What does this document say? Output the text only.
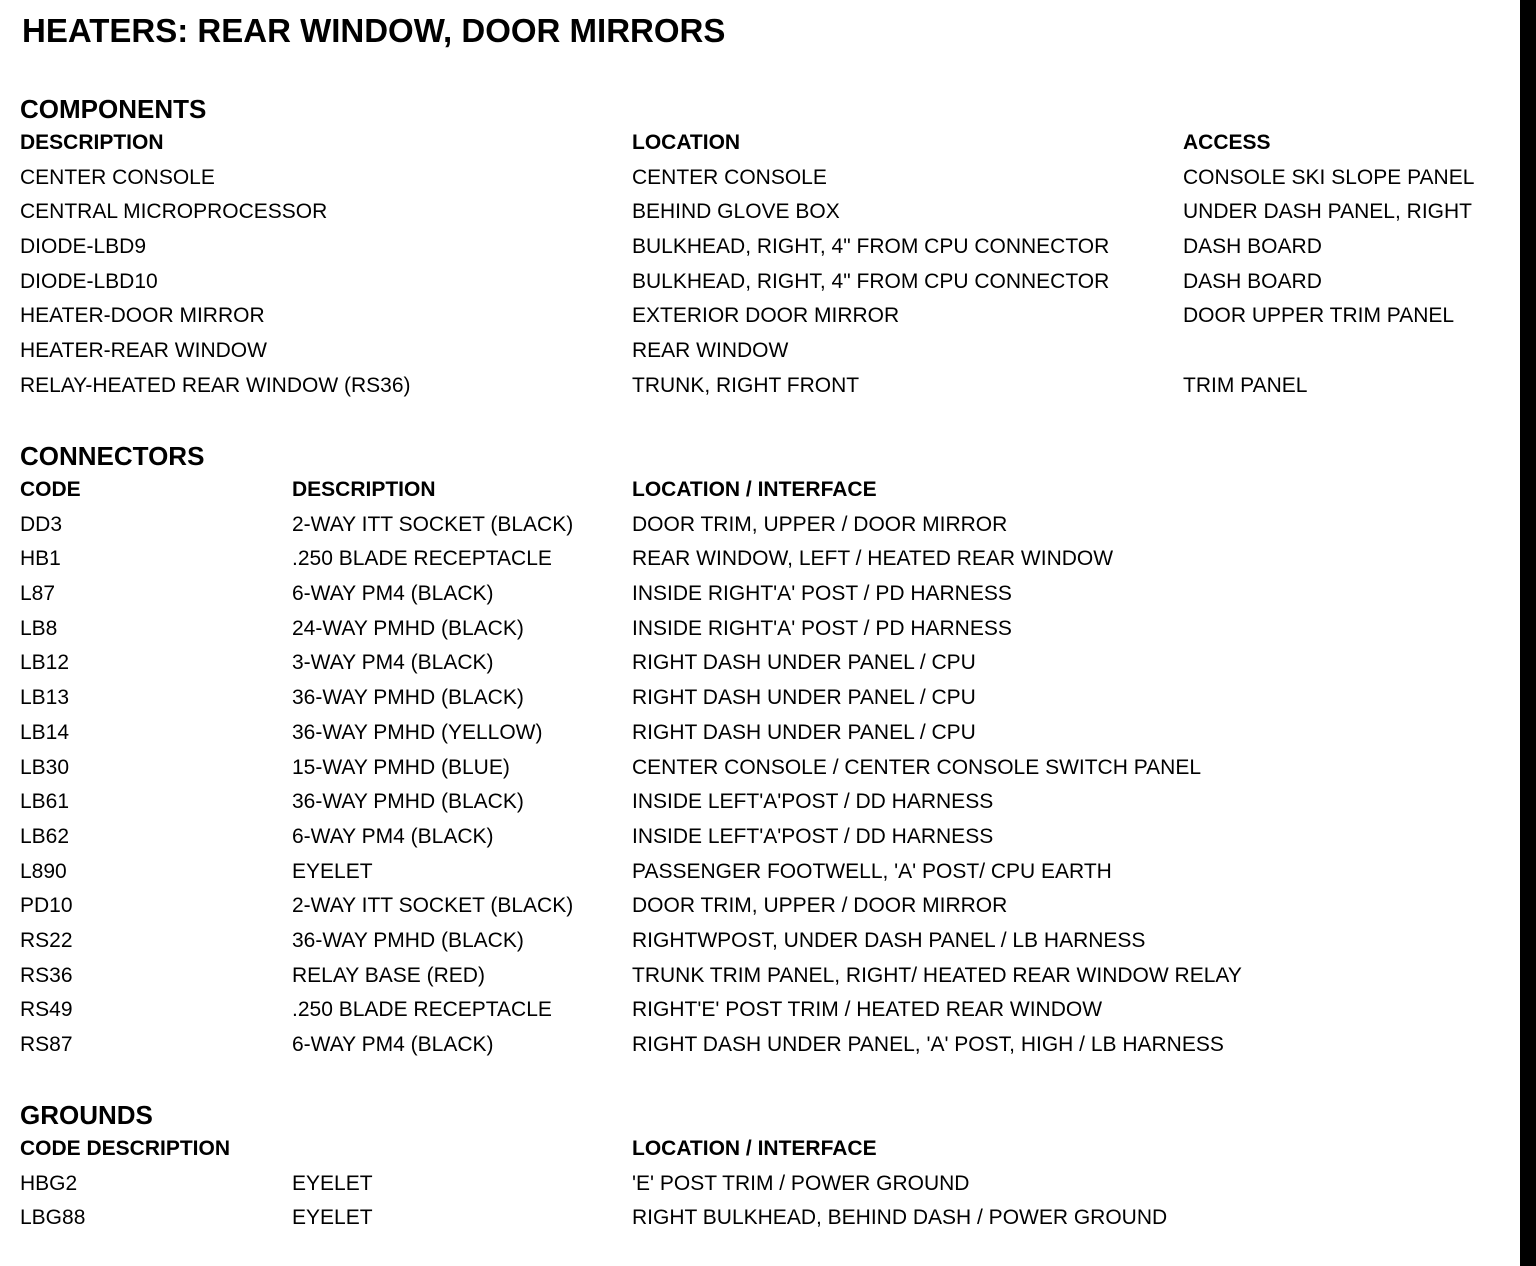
HEATERS: REAR WINDOW, DOOR MIRRORS
COMPONENTS
DESCRIPTION	LOCATION	ACCESS
CENTER CONSOLE	CENTER CONSOLE	CONSOLE SKI SLOPE PANEL
CENTRAL MICROPROCESSOR	BEHIND GLOVE BOX	UNDER DASH PANEL, RIGHT
DIODE-LBD9	BULKHEAD, RIGHT, 4" FROM CPU CONNECTOR	DASH BOARD
DIODE-LBD10	BULKHEAD, RIGHT, 4" FROM CPU CONNECTOR	DASH BOARD
HEATER-DOOR MIRROR	EXTERIOR DOOR MIRROR	DOOR UPPER TRIM PANEL
HEATER-REAR WINDOW	REAR WINDOW
RELAY-HEATED REAR WINDOW (RS36)	TRUNK, RIGHT FRONT	TRIM PANEL
CONNECTORS
CODE	DESCRIPTION	LOCATION / INTERFACE
DD3	2-WAY ITT SOCKET (BLACK)	DOOR TRIM, UPPER / DOOR MIRROR
HB1	.250 BLADE RECEPTACLE	REAR WINDOW, LEFT / HEATED REAR WINDOW
L87	6-WAY PM4 (BLACK)	INSIDE RIGHT'A' POST / PD HARNESS
LB8	24-WAY PMHD (BLACK)	INSIDE RIGHT'A' POST / PD HARNESS
LB12	3-WAY PM4 (BLACK)	RIGHT DASH UNDER PANEL / CPU
LB13	36-WAY PMHD (BLACK)	RIGHT DASH UNDER PANEL / CPU
LB14	36-WAY PMHD (YELLOW)	RIGHT DASH UNDER PANEL / CPU
LB30	15-WAY PMHD (BLUE)	CENTER CONSOLE / CENTER CONSOLE SWITCH PANEL
LB61	36-WAY PMHD (BLACK)	INSIDE LEFT'A'POST / DD HARNESS
LB62	6-WAY PM4 (BLACK)	INSIDE LEFT'A'POST / DD HARNESS
L890	EYELET	PASSENGER FOOTWELL, 'A' POST/ CPU EARTH
PD10	2-WAY ITT SOCKET (BLACK)	DOOR TRIM, UPPER / DOOR MIRROR
RS22	36-WAY PMHD (BLACK)	RIGHTWPOST, UNDER DASH PANEL / LB HARNESS
RS36	RELAY BASE (RED)	TRUNK TRIM PANEL, RIGHT/ HEATED REAR WINDOW RELAY
RS49	.250 BLADE RECEPTACLE	RIGHT'E' POST TRIM / HEATED REAR WINDOW
RS87	6-WAY PM4 (BLACK)	RIGHT DASH UNDER PANEL, 'A' POST, HIGH / LB HARNESS
GROUNDS
CODE DESCRIPTION	LOCATION / INTERFACE
HBG2	EYELET	'E' POST TRIM / POWER GROUND
LBG88	EYELET	RIGHT BULKHEAD, BEHIND DASH / POWER GROUND
